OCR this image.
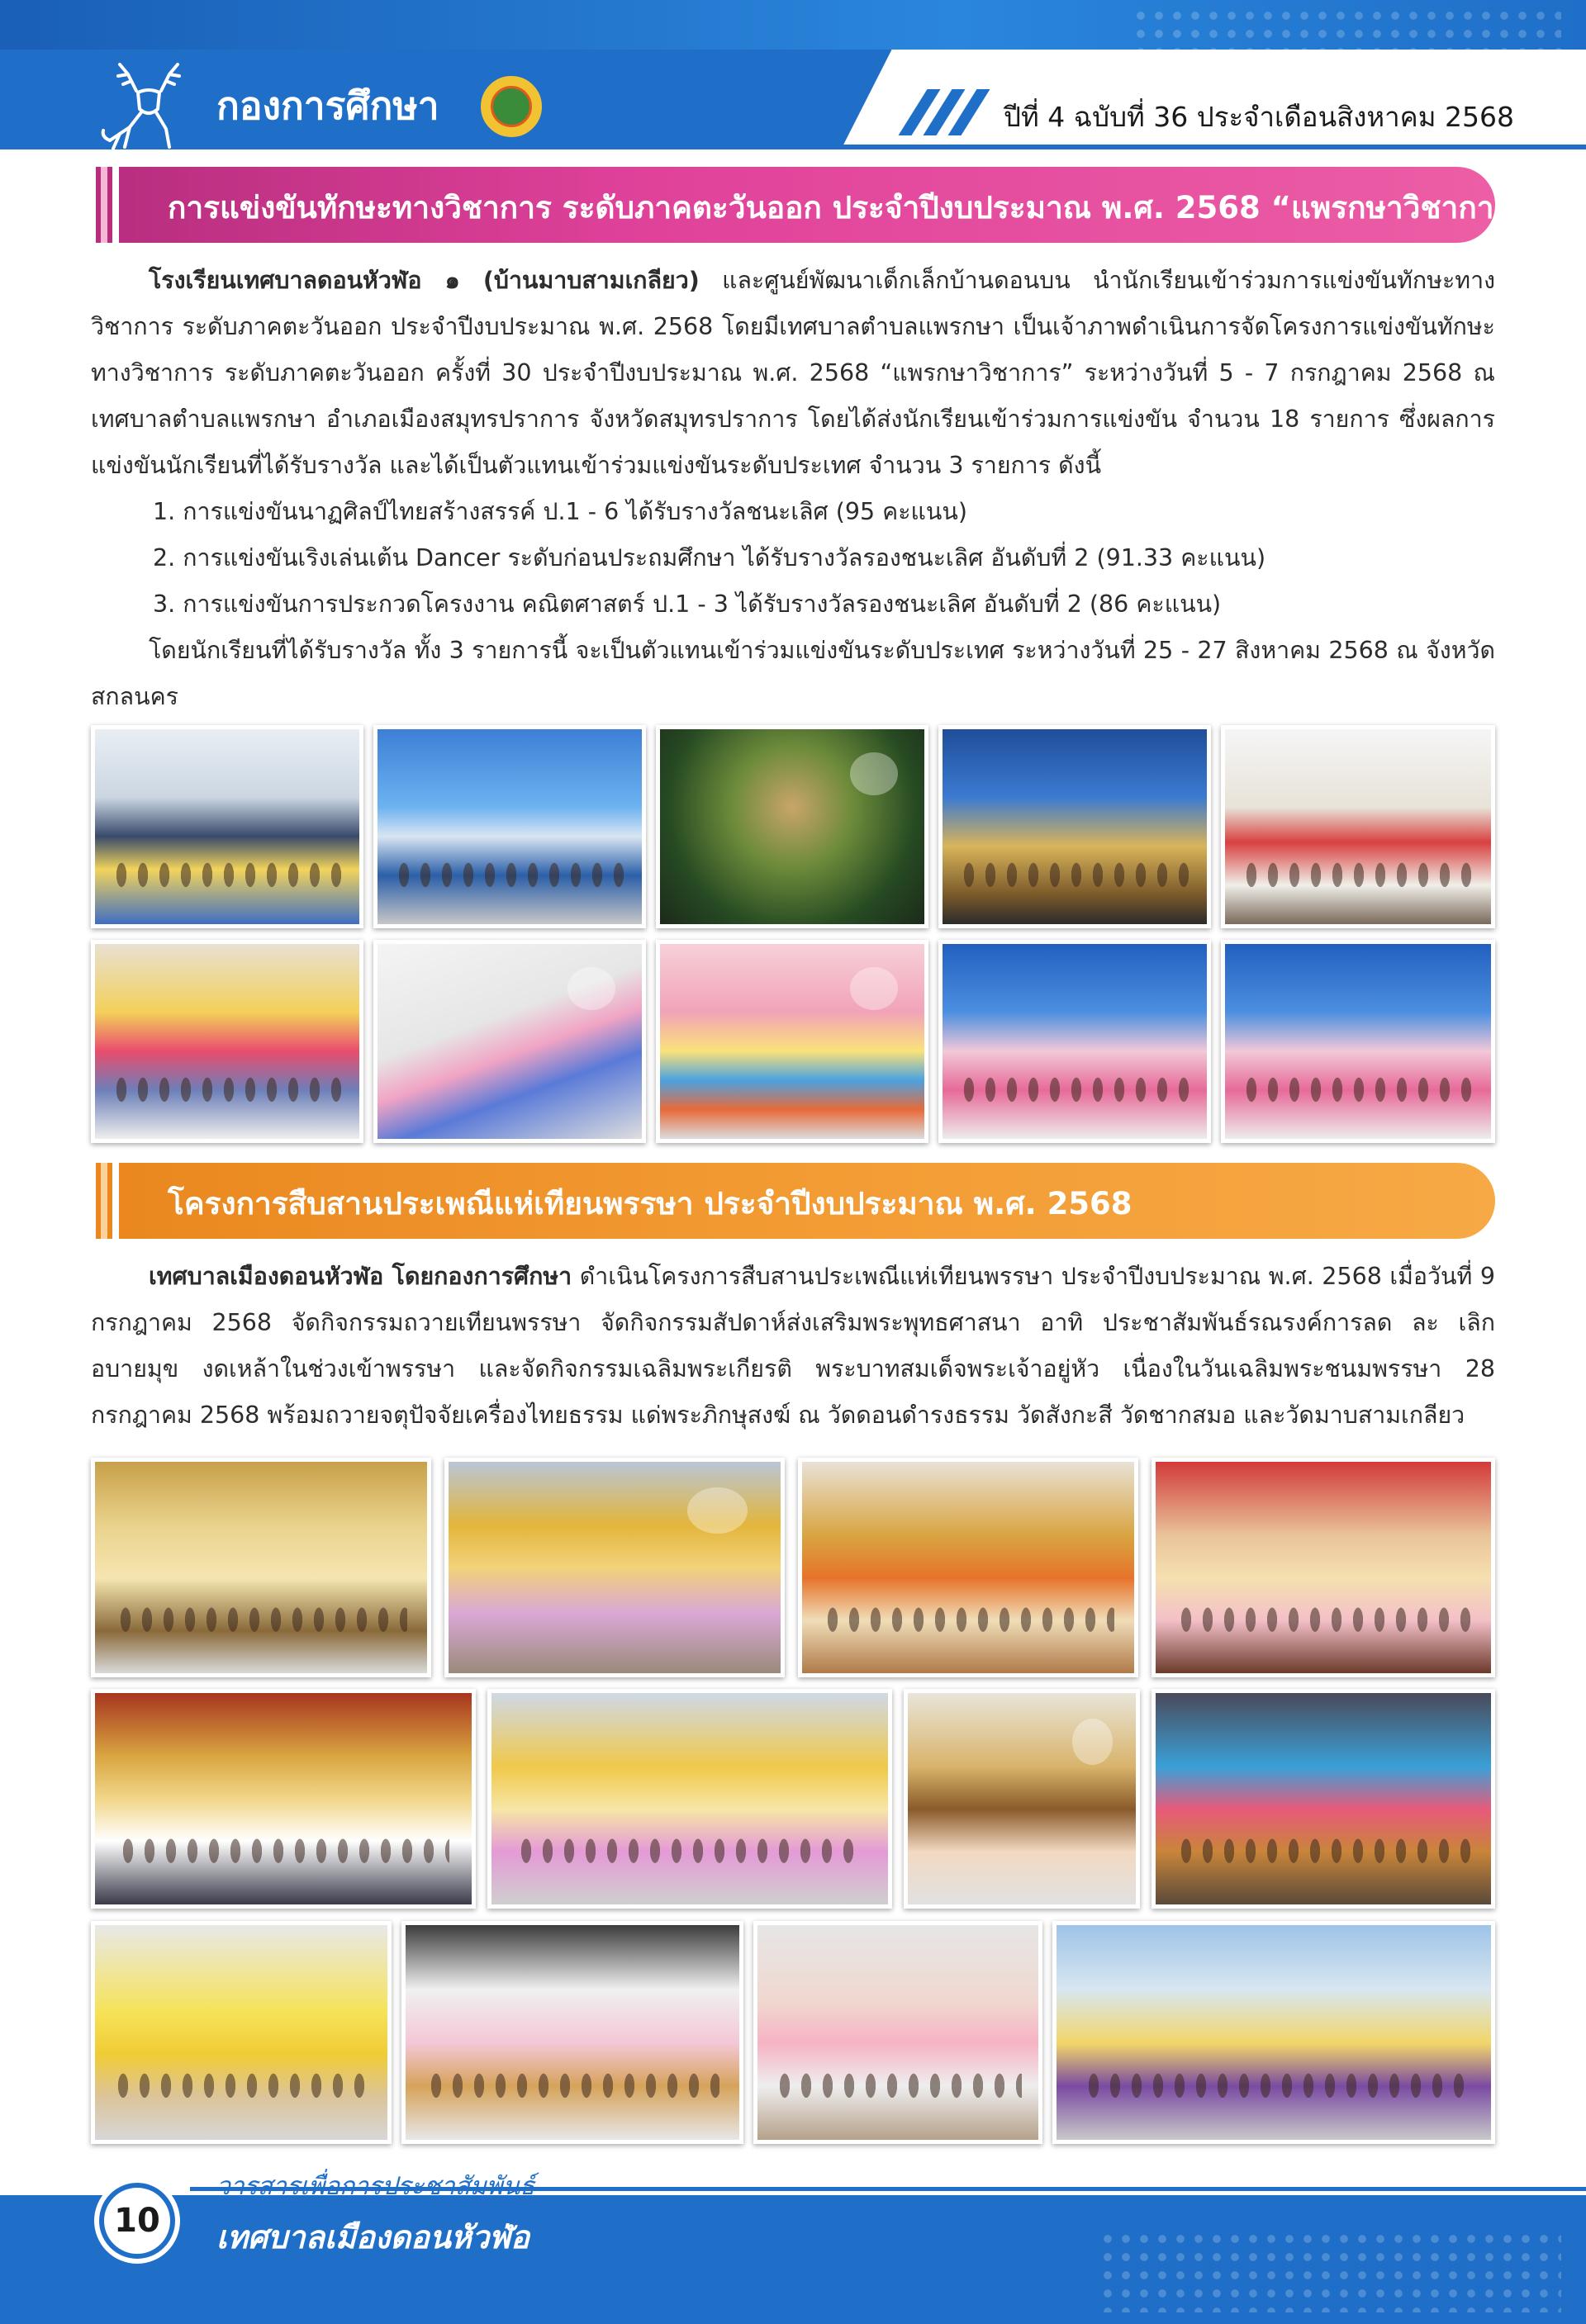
กองการศึกษา	ปีที่ 4 ฉบับที่ 36 ประจำเดือนสิงหาคม 2568
การแข่งขันทักษะทางวิชาการ ระดับภาคตะวันออก ประจำปีงบประมาณ พ.ศ. 2568 “แพรกษาวิชาการ”
โรงเรียนเทศบาลดอนหัวฬ่อ ๑ (บ้านมาบสามเกลียว) และศูนย์พัฒนาเด็กเล็กบ้านดอนบน นำนักเรียนเข้าร่วมการแข่งขันทักษะทางวิชาการ ระดับภาคตะวันออก ประจำปีงบประมาณ พ.ศ. 2568 โดยมีเทศบาลตำบลแพรกษา เป็นเจ้าภาพดำเนินการจัดโครงการแข่งขันทักษะทางวิชาการ ระดับภาคตะวันออก ครั้งที่ 30 ประจำปีงบประมาณ พ.ศ. 2568 “แพรกษาวิชาการ” ระหว่างวันที่ 5 - 7 กรกฎาคม 2568 ณ เทศบาลตำบลแพรกษา อำเภอเมืองสมุทรปราการ จังหวัดสมุทรปราการ โดยได้ส่งนักเรียนเข้าร่วมการแข่งขัน จำนวน 18 รายการ ซึ่งผลการแข่งขันนักเรียนที่ได้รับรางวัล และได้เป็นตัวแทนเข้าร่วมแข่งขันระดับประเทศ จำนวน 3 รายการ ดังนี้
1. การแข่งขันนาฏศิลป์ไทยสร้างสรรค์ ป.1 - 6 ได้รับรางวัลชนะเลิศ (95 คะแนน)
2. การแข่งขันเริงเล่นเต้น Dancer ระดับก่อนประถมศึกษา ได้รับรางวัลรองชนะเลิศ อันดับที่ 2 (91.33 คะแนน)
3. การแข่งขันการประกวดโครงงาน คณิตศาสตร์ ป.1 - 3 ได้รับรางวัลรองชนะเลิศ อันดับที่ 2 (86 คะแนน)
โดยนักเรียนที่ได้รับรางวัล ทั้ง 3 รายการนี้ จะเป็นตัวแทนเข้าร่วมแข่งขันระดับประเทศ ระหว่างวันที่ 25 - 27 สิงหาคม 2568 ณ จังหวัดสกลนคร
โครงการสืบสานประเพณีแห่เทียนพรรษา ประจำปีงบประมาณ พ.ศ. 2568
เทศบาลเมืองดอนหัวฬ่อ โดยกองการศึกษา ดำเนินโครงการสืบสานประเพณีแห่เทียนพรรษา ประจำปีงบประมาณ พ.ศ. 2568 เมื่อวันที่ 9 กรกฎาคม 2568 จัดกิจกรรมถวายเทียนพรรษา จัดกิจกรรมสัปดาห์ส่งเสริมพระพุทธศาสนา อาทิ ประชาสัมพันธ์รณรงค์การลด ละ เลิกอบายมุข งดเหล้าในช่วงเข้าพรรษา และจัดกิจกรรมเฉลิมพระเกียรติ พระบาทสมเด็จพระเจ้าอยู่หัว เนื่องในวันเฉลิมพระชนมพรรษา 28 กรกฎาคม 2568 พร้อมถวายจตุปัจจัยเครื่องไทยธรรม แด่พระภิกษุสงฆ์ ณ วัดดอนดำรงธรรม วัดสังกะสี วัดชากสมอ และวัดมาบสามเกลียว
10
วารสารเพื่อการประชาสัมพันธ์
เทศบาลเมืองดอนหัวฬ่อ
